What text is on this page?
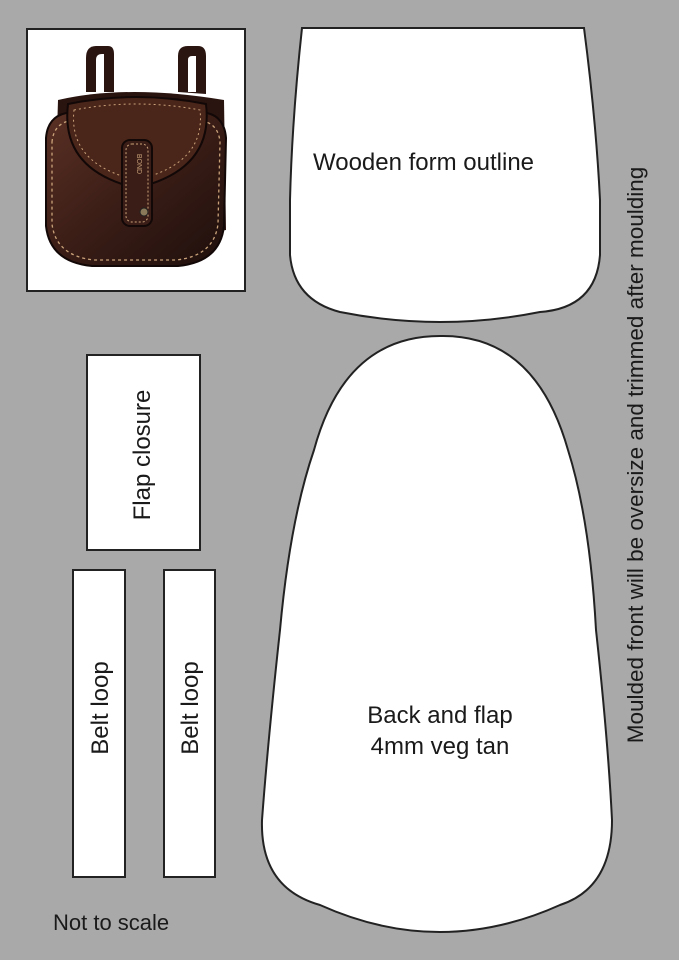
BOND	Wooden form outline
Flap closure
Belt loop	Belt loop	Back and flap
4mm veg tan
Moulded front will be oversize and trimmed after moulding
Not to scale
